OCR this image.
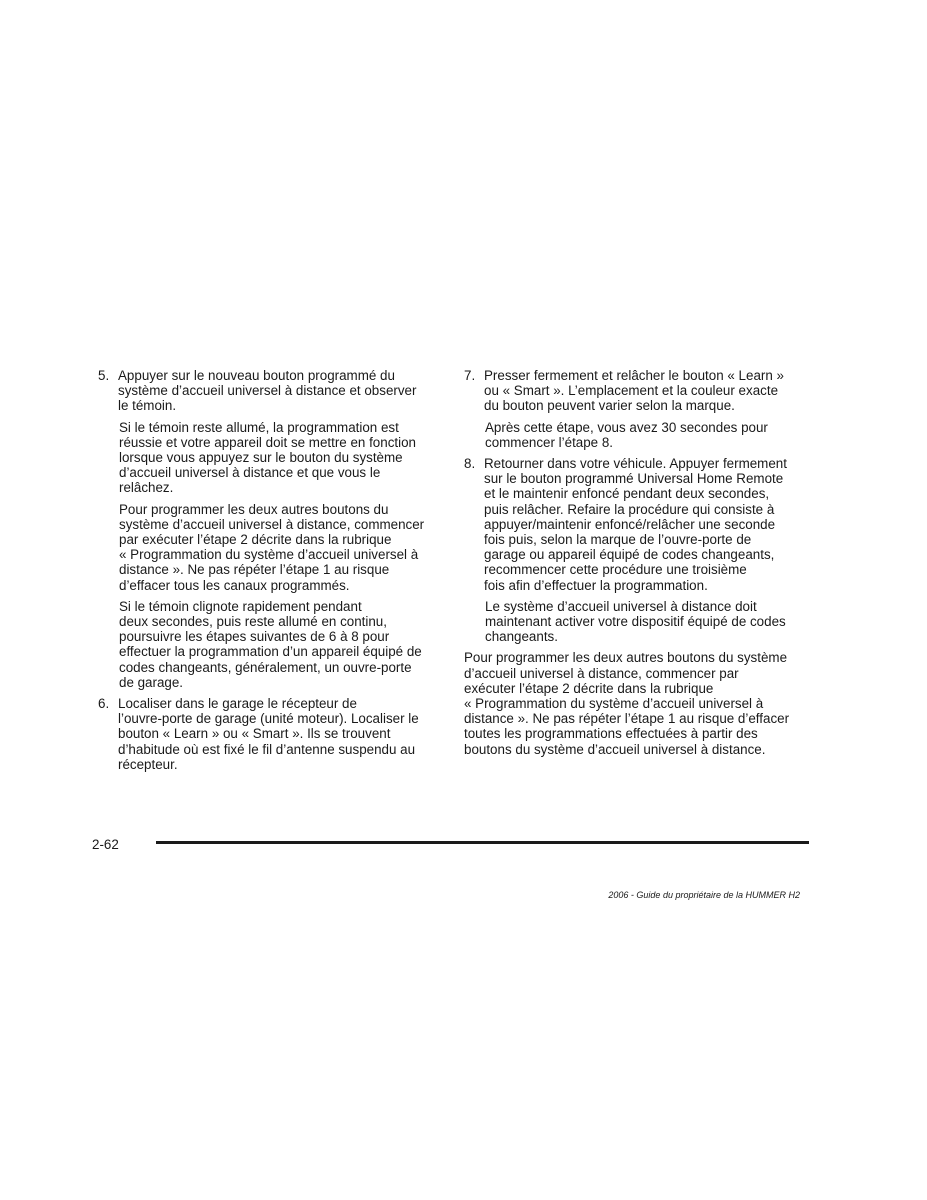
5. Appuyer sur le nouveau bouton programmé du
système d’accueil universel à distance et observer
le témoin.
Si le témoin reste allumé, la programmation est
réussie et votre appareil doit se mettre en fonction
lorsque vous appuyez sur le bouton du système
d’accueil universel à distance et que vous le
relâchez.
Pour programmer les deux autres boutons du
système d’accueil universel à distance, commencer
par exécuter l’étape 2 décrite dans la rubrique
« Programmation du système d’accueil universel à
distance ». Ne pas répéter l’étape 1 au risque
d’effacer tous les canaux programmés.
Si le témoin clignote rapidement pendant
deux secondes, puis reste allumé en continu,
poursuivre les étapes suivantes de 6 à 8 pour
effectuer la programmation d’un appareil équipé de
codes changeants, généralement, un ouvre-porte
de garage.
6. Localiser dans le garage le récepteur de
l’ouvre-porte de garage (unité moteur). Localiser le
bouton « Learn » ou « Smart ». Ils se trouvent
d’habitude où est fixé le fil d’antenne suspendu au
récepteur.
7. Presser fermement et relâcher le bouton « Learn »
ou « Smart ». L’emplacement et la couleur exacte
du bouton peuvent varier selon la marque.
Après cette étape, vous avez 30 secondes pour
commencer l’étape 8.
8. Retourner dans votre véhicule. Appuyer fermement
sur le bouton programmé Universal Home Remote
et le maintenir enfoncé pendant deux secondes,
puis relâcher. Refaire la procédure qui consiste à
appuyer/maintenir enfoncé/relâcher une seconde
fois puis, selon la marque de l’ouvre-porte de
garage ou appareil équipé de codes changeants,
recommencer cette procédure une troisième
fois afin d’effectuer la programmation.
Le système d’accueil universel à distance doit
maintenant activer votre dispositif équipé de codes
changeants.
Pour programmer les deux autres boutons du système
d’accueil universel à distance, commencer par
exécuter l’étape 2 décrite dans la rubrique
« Programmation du système d’accueil universel à
distance ». Ne pas répéter l’étape 1 au risque d’effacer
toutes les programmations effectuées à partir des
boutons du système d’accueil universel à distance.
2-62
2006 - Guide du propriétaire de la HUMMER H2
